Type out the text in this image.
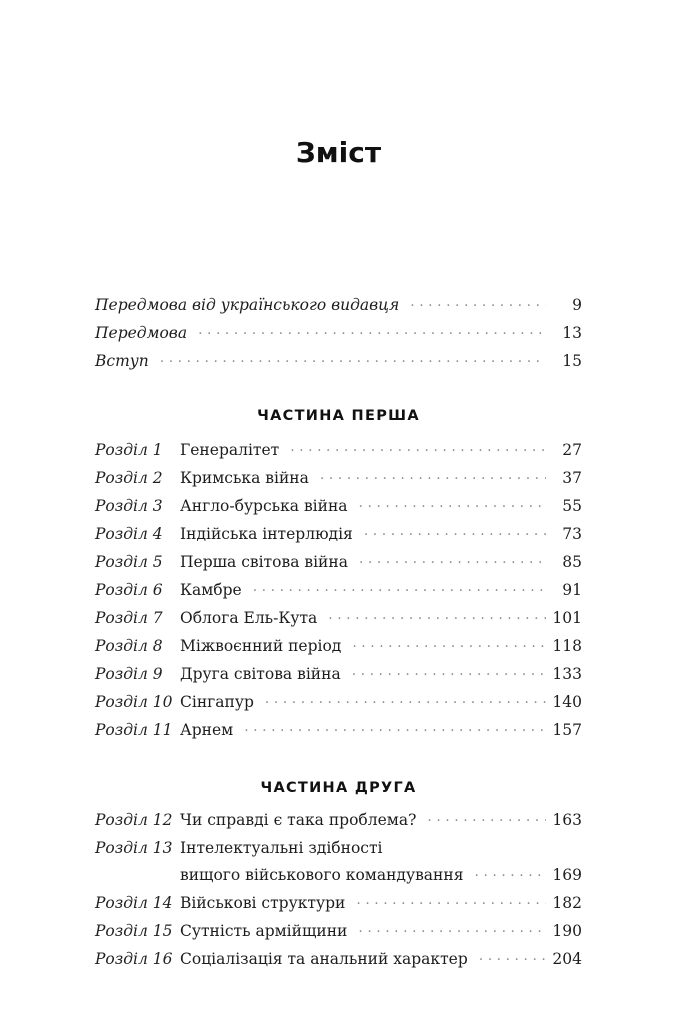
Зміст
Передмова від українського видавця ·····	9
Передмова ·····	13
Вступ ·····	15
ЧАСТИНА ПЕРША
Розділ 1	Генералітет ·····	27
Розділ 2	Кримська війна ·····	37
Розділ 3	Англо-бурська війна ·····	55
Розділ 4	Індійська інтерлюдія ·····	73
Розділ 5	Перша світова війна ·····	85
Розділ 6	Камбре ·····	91
Розділ 7	Облога Ель-Кута ·····	101
Розділ 8	Міжвоєнний період ·····	118
Розділ 9	Друга світова війна ·····	133
Розділ 10 Сінгапур ·····	140
Розділ 11 Арнем ·····	157
ЧАСТИНА ДРУГА
Розділ 12 Чи справді є така проблема? ·····	163
Розділ 13 Інтелектуальні здібності
вищого військового командування ·····	169
Розділ 14 Військові структури ·····	182
Розділ 15 Сутність армійщини ·····	190
Розділ 16 Соціалізація та анальний характер ·····	204
